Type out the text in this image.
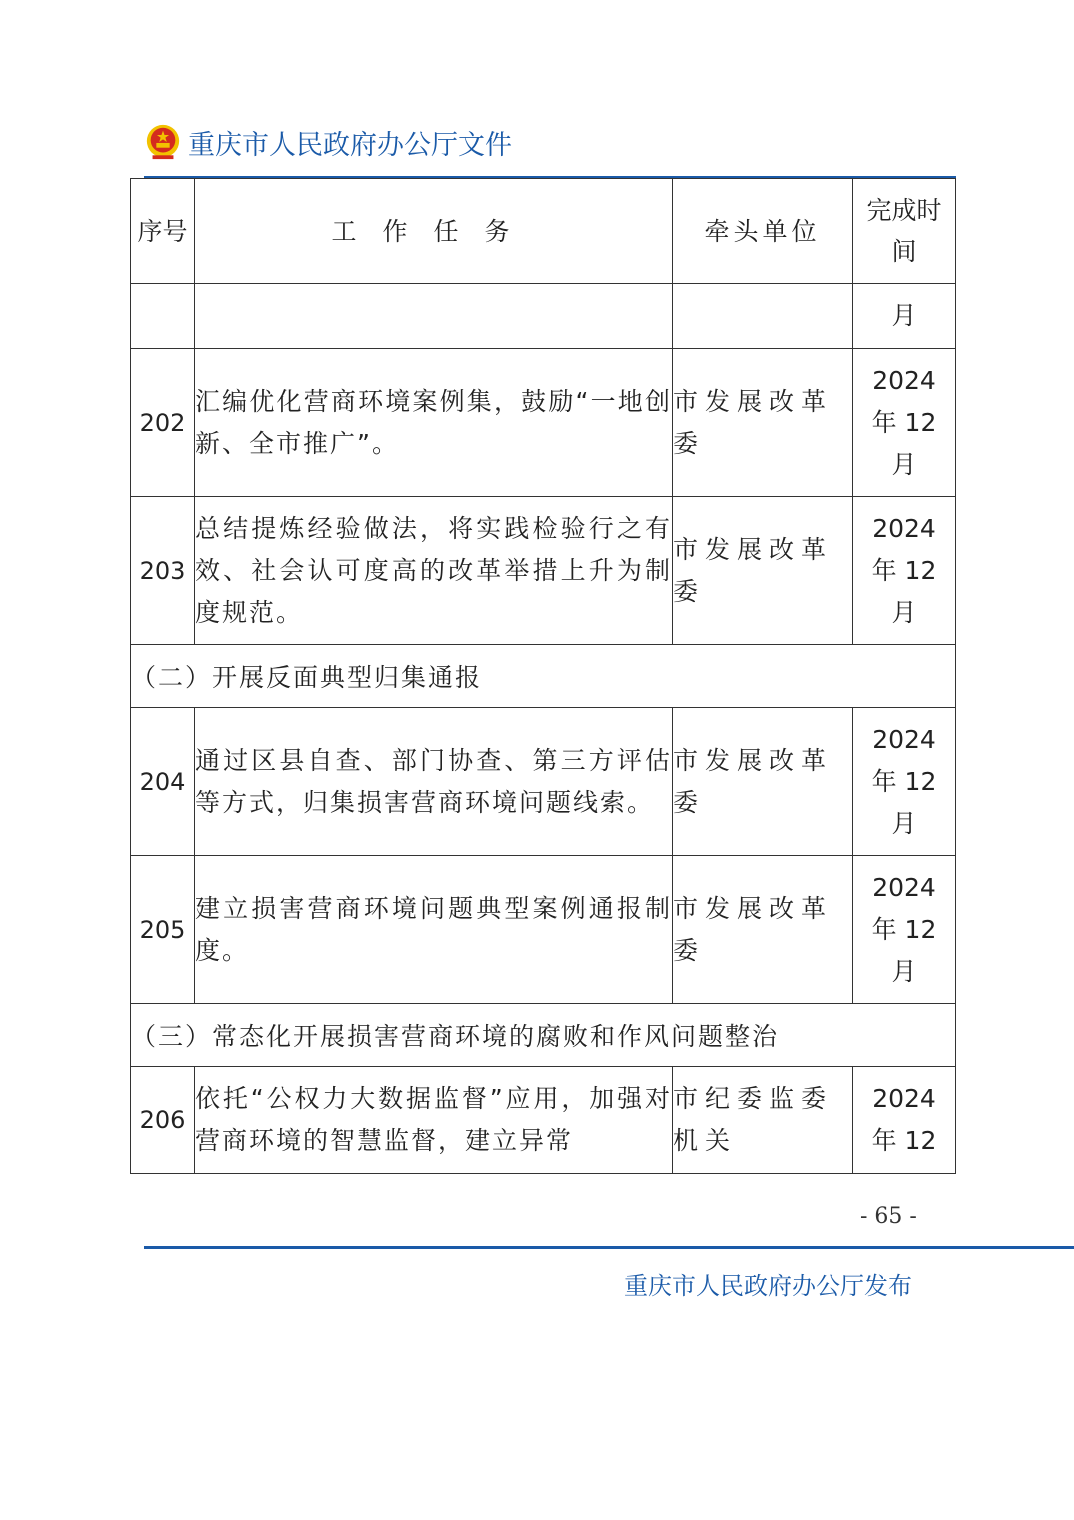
重庆市人民政府办公厅文件
序号	工作任务	牵头单位	完成时
间

			月
202	汇编优化营商环境案例集，鼓励“一地创新、全市推广”。	市发展改革委	2024
年 12
月

203	总结提炼经验做法，将实践检验行之有效、社会认可度高的改革举措上升为制度规范。	市发展改革委	2024
年 12
月

（二）开展反面典型归集通报			
204	通过区县自查、部门协查、第三方评估等方式，归集损害营商环境问题线索。	市发展改革委	2024
年 12
月

205	建立损害营商环境问题典型案例通报制度。	市发展改革委	2024
年 12
月

（三）常态化开展损害营商环境的腐败和作风问题整治			
206	依托“公权力大数据监督”应用，加强对营商环境的智慧监督，建立异常	市纪委监委机关	2024
年 12
- 65 -
重庆市人民政府办公厅发布
